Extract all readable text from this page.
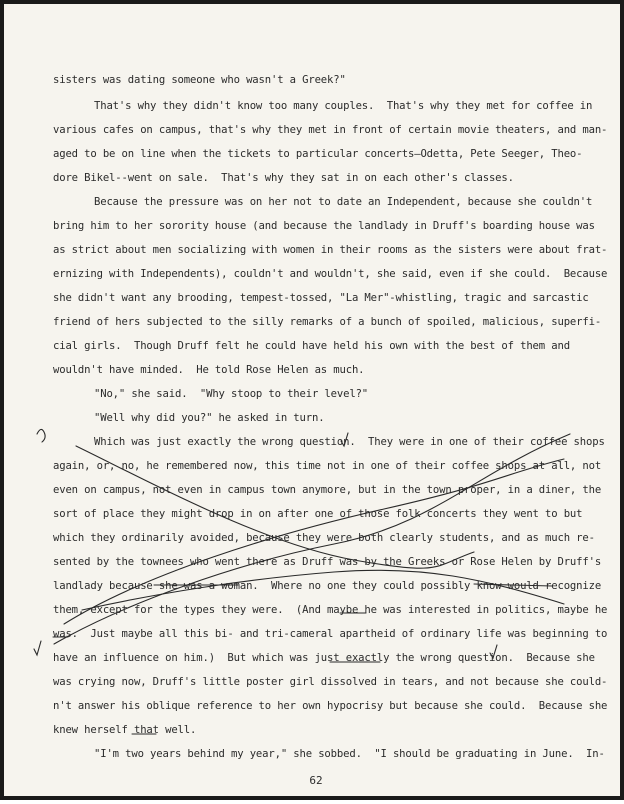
sisters was dating someone who wasn't a Greek?"
That's why they didn't know too many couples.  That's why they met for coffee in
various cafes on campus, that's why they met in front of certain movie theaters, and man-
aged to be on line when the tickets to particular concerts—Odetta, Pete Seeger, Theo-
dore Bikel--went on sale.  That's why they sat in on each other's classes.
Because the pressure was on her not to date an Independent, because she couldn't
bring him to her sorority house (and because the landlady in Druff's boarding house was
as strict about men socializing with women in their rooms as the sisters were about frat-
ernizing with Independents), couldn't and wouldn't, she said, even if she could.  Because
she didn't want any brooding, tempest-tossed, "La Mer"-whistling, tragic and sarcastic
friend of hers subjected to the silly remarks of a bunch of spoiled, malicious, superfi-
cial girls.  Though Druff felt he could have held his own with the best of them and
wouldn't have minded.  He told Rose Helen as much.
"No," she said.  "Why stoop to their level?"
"Well why did you?" he asked in turn.
Which was just exactly the wrong question.  They were in one of their coffee shops
again, or, no, he remembered now, this time not in one of their coffee shops at all, not
even on campus, not even in campus town anymore, but in the town proper, in a diner, the
sort of place they might drop in on after one of those folk concerts they went to but
which they ordinarily avoided, because they were both clearly students, and as much re-
sented by the townees who went there as Druff was by the Greeks or Rose Helen by Druff's
landlady because she was a woman.  Where no one they could possibly know would recognize
them, except for the types they were.  (And maybe he was interested in politics, maybe he
was.  Just maybe all this bi- and tri-cameral apartheid of ordinary life was beginning to
have an influence on him.)  But which was just exactly the wrong question.  Because she
was crying now, Druff's little poster girl dissolved in tears, and not because she could-
n't answer his oblique reference to her own hypocrisy but because she could.  Because she
knew herself that well.
"I'm two years behind my year," she sobbed.  "I should be graduating in June.  In-
62
